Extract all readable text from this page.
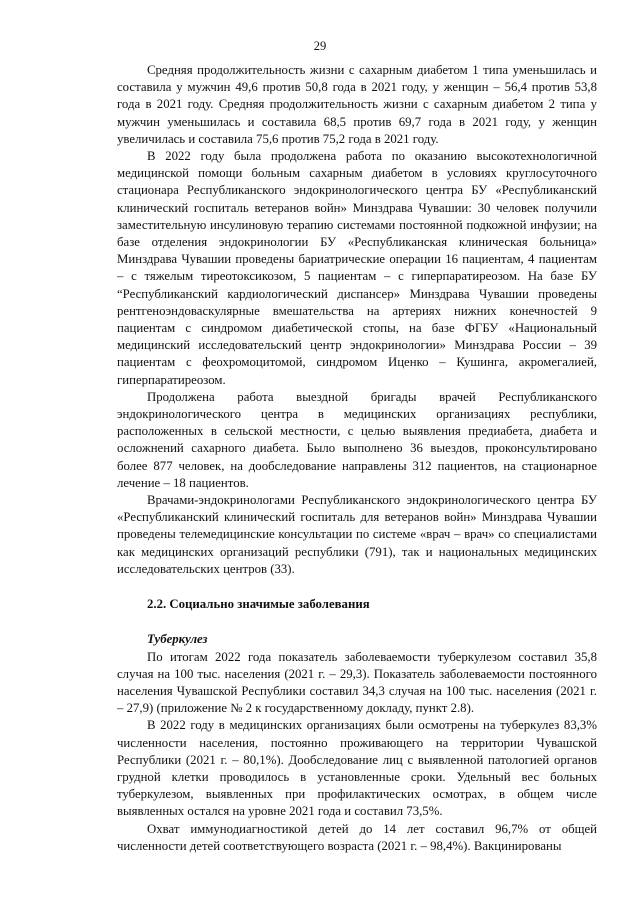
29

Средняя продолжительность жизни с сахарным диабетом 1 типа уменьшилась и составила у мужчин 49,6 против 50,8 года в 2021 году, у женщин – 56,4 против 53,8 года в 2021 году. Средняя продолжительность жизни с сахарным диабетом 2 типа у мужчин уменьшилась и составила 68,5 против 69,7 года в 2021 году, у женщин увеличилась и составила 75,6 против 75,2 года в 2021 году.

В 2022 году была продолжена работа по оказанию высокотехнологичной медицинской помощи больным сахарным диабетом в условиях круглосуточного стационара Республиканского эндокринологического центра БУ «Республиканский клинический госпиталь ветеранов войн» Минздрава Чувашии: 30 человек получили заместительную инсулиновую терапию системами постоянной подкожной инфузии; на базе отделения эндокринологии БУ «Республиканская клиническая больница» Минздрава Чувашии проведены бариатрические операции 16 пациентам, 4 пациентам – с тяжелым тиреотоксикозом, 5 пациентам – с гиперпаратиреозом. На базе БУ “Республиканский кардиологический диспансер» Минздрава Чувашии проведены рентгеноэндоваскулярные вмешательства на артериях нижних конечностей 9 пациентам с синдромом диабетической стопы, на базе ФГБУ «Национальный медицинский исследовательский центр эндокринологии» Минздрава России – 39 пациентам с феохромоцитомой, синдромом Иценко – Кушинга, акромегалией, гиперпаратиреозом.

Продолжена работа выездной бригады врачей Республиканского эндокринологического центра в медицинских организациях республики, расположенных в сельской местности, с целью выявления предиабета, диабета и осложнений сахарного диабета. Было выполнено 36 выездов, проконсультировано более 877 человек, на дообследование направлены 312 пациентов, на стационарное лечение – 18 пациентов.

Врачами-эндокринологами Республиканского эндокринологического центра БУ «Республиканский клинический госпиталь для ветеранов войн» Минздрава Чувашии проведены телемедицинские консультации по системе «врач – врач» со специалистами как медицинских организаций республики (791), так и национальных медицинских исследовательских центров (33).

2.2. Социально значимые заболевания
Туберкулез

По итогам 2022 года показатель заболеваемости туберкулезом составил 35,8 случая на 100 тыс. населения (2021 г. – 29,3). Показатель заболеваемости постоянного населения Чувашской Республики составил 34,3 случая на 100 тыс. населения (2021 г. – 27,9) (приложение № 2 к государственному докладу, пункт 2.8).

В 2022 году в медицинских организациях были осмотрены на туберкулез 83,3% численности населения, постоянно проживающего на территории Чувашской Республики (2021 г. – 80,1%). Дообследование лиц с выявленной патологией органов грудной клетки проводилось в установленные сроки. Удельный вес больных туберкулезом, выявленных при профилактических осмотрах, в общем числе выявленных остался на уровне 2021 года и составил 73,5%.

Охват иммунодиагностикой детей до 14 лет составил 96,7% от общей численности детей соответствующего возраста (2021 г. – 98,4%). Вакцинированы
